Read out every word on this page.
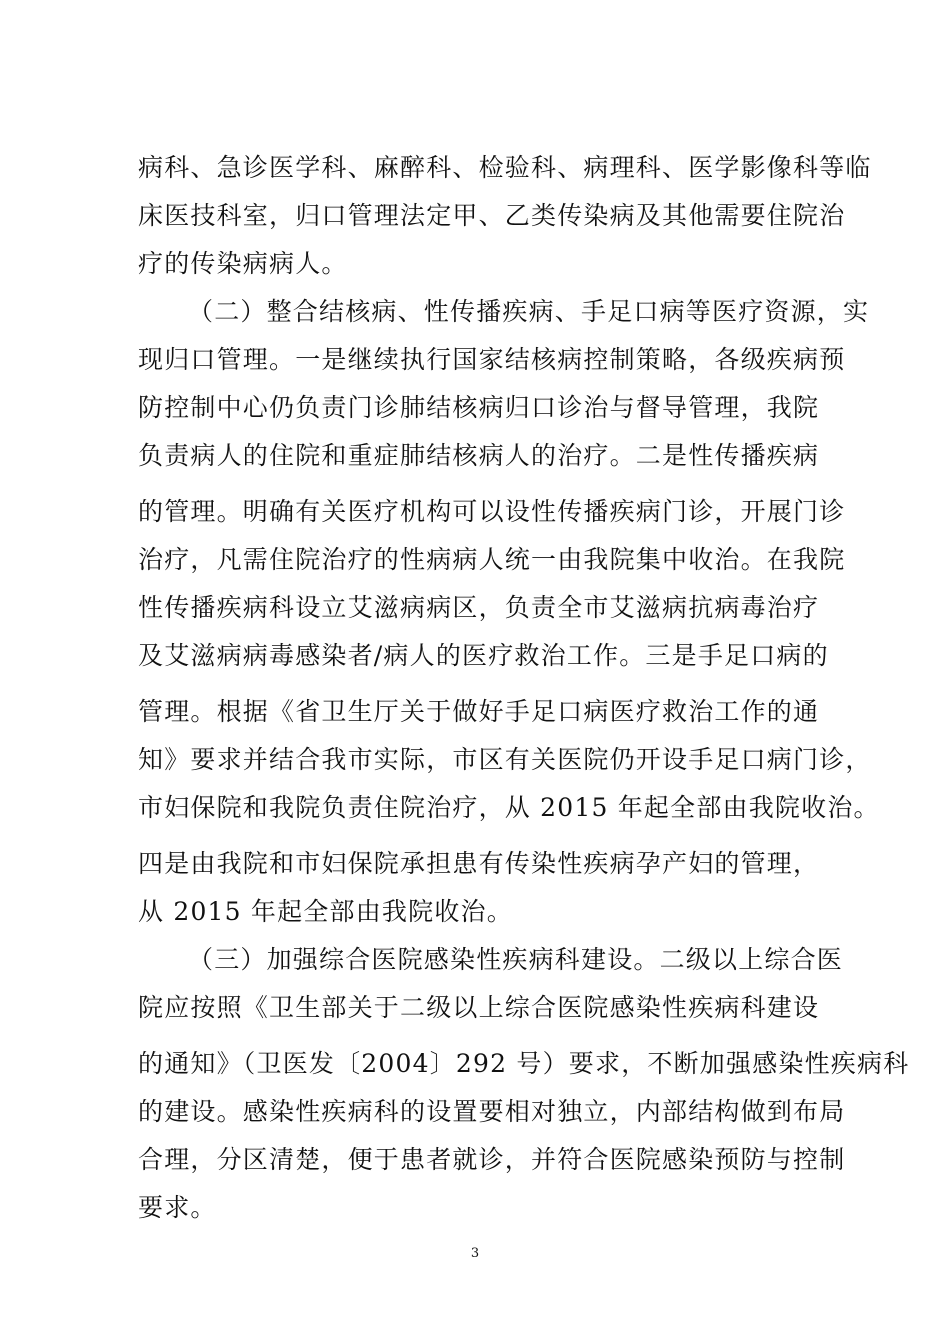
病科、急诊医学科、麻醉科、检验科、病理科、医学影像科等临
床医技科室，归口管理法定甲、乙类传染病及其他需要住院治
疗的传染病病人。
（二）整合结核病、性传播疾病、手足口病等医疗资源，实
现归口管理。一是继续执行国家结核病控制策略，各级疾病预
防控制中心仍负责门诊肺结核病归口诊治与督导管理，我院
负责病人的住院和重症肺结核病人的治疗。二是性传播疾病
的管理。明确有关医疗机构可以设性传播疾病门诊，开展门诊
治疗，凡需住院治疗的性病病人统一由我院集中收治。在我院
性传播疾病科设立艾滋病病区，负责全市艾滋病抗病毒治疗
及艾滋病病毒感染者/病人的医疗救治工作。三是手足口病的
管理。根据《省卫生厅关于做好手足口病医疗救治工作的通
知》要求并结合我市实际，市区有关医院仍开设手足口病门诊，
市妇保院和我院负责住院治疗，从 2015 年起全部由我院收治。
四是由我院和市妇保院承担患有传染性疾病孕产妇的管理，
从 2015 年起全部由我院收治。
（三）加强综合医院感染性疾病科建设。二级以上综合医
院应按照《卫生部关于二级以上综合医院感染性疾病科建设
的通知》（卫医发〔2004〕292 号）要求，不断加强感染性疾病科
的建设。感染性疾病科的设置要相对独立，内部结构做到布局
合理，分区清楚，便于患者就诊，并符合医院感染预防与控制
要求。
3
